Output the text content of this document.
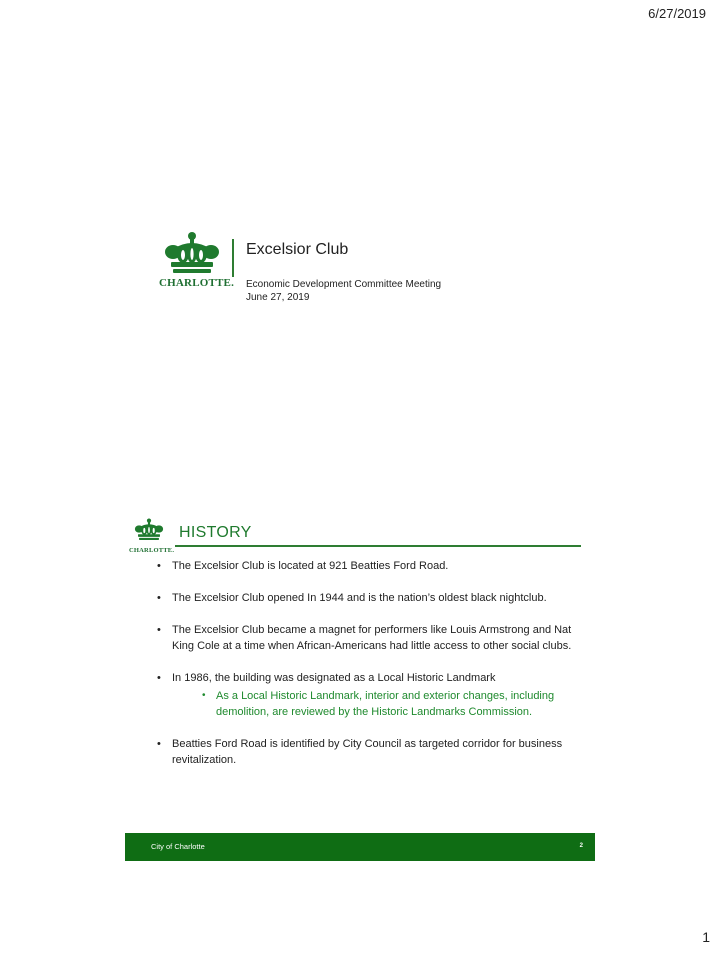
6/27/2019
CHARLOTTE.
Excelsior Club
Economic Development Committee Meeting
June 27, 2019
CHARLOTTE.
HISTORY
• The Excelsior Club is located at 921 Beatties Ford Road.
• The Excelsior Club opened In 1944 and is the nation’s oldest black nightclub.
• The Excelsior Club became a magnet for performers like Louis Armstrong and Nat King Cole at a time when African-Americans had little access to other social clubs.
• In 1986, the building was designated as a Local Historic Landmark
• As a Local Historic Landmark, interior and exterior changes, including demolition, are reviewed by the Historic Landmarks Commission.
• Beatties Ford Road is identified by City Council as targeted corridor for business revitalization.
City of Charlotte	2
1
